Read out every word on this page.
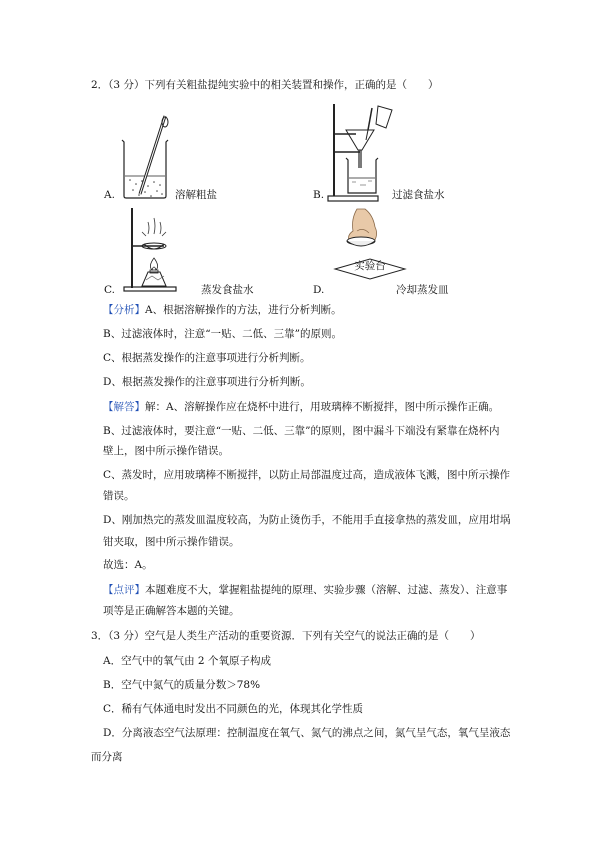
2．（3 分）下列有关粗盐提纯实验中的相关装置和操作，正确的是（　　）
A.	溶解粗盐	B.	过滤食盐水
C.	蒸发食盐水
实验台
D.	冷却蒸发皿
【分析】A、根据溶解操作的方法，进行分析判断。
B、过滤液体时，注意“一贴、二低、三靠”的原则。
C、根据蒸发操作的注意事项进行分析判断。
D、根据蒸发操作的注意事项进行分析判断。
【解答】解：A、溶解操作应在烧杯中进行，用玻璃棒不断搅拌，图中所示操作正确。
B、过滤液体时，要注意“一贴、二低、三靠”的原则，图中漏斗下端没有紧靠在烧杯内
壁上，图中所示操作错误。
C、蒸发时，应用玻璃棒不断搅拌，以防止局部温度过高，造成液体飞溅，图中所示操作
错误。
D、刚加热完的蒸发皿温度较高，为防止烫伤手，不能用手直接拿热的蒸发皿，应用坩埚
钳夹取，图中所示操作错误。
故选：A。
【点评】本题难度不大，掌握粗盐提纯的原理、实验步骤（溶解、过滤、蒸发）、注意事
项等是正确解答本题的关键。
3．（3 分）空气是人类生产活动的重要资源．下列有关空气的说法正确的是（　　）
A．空气中的氧气由 2 个氧原子构成
B．空气中氮气的质量分数＞78%
C．稀有气体通电时发出不同颜色的光，体现其化学性质
D．分离液态空气法原理：控制温度在氧气、氮气的沸点之间，氮气呈气态，氧气呈液态
而分离
